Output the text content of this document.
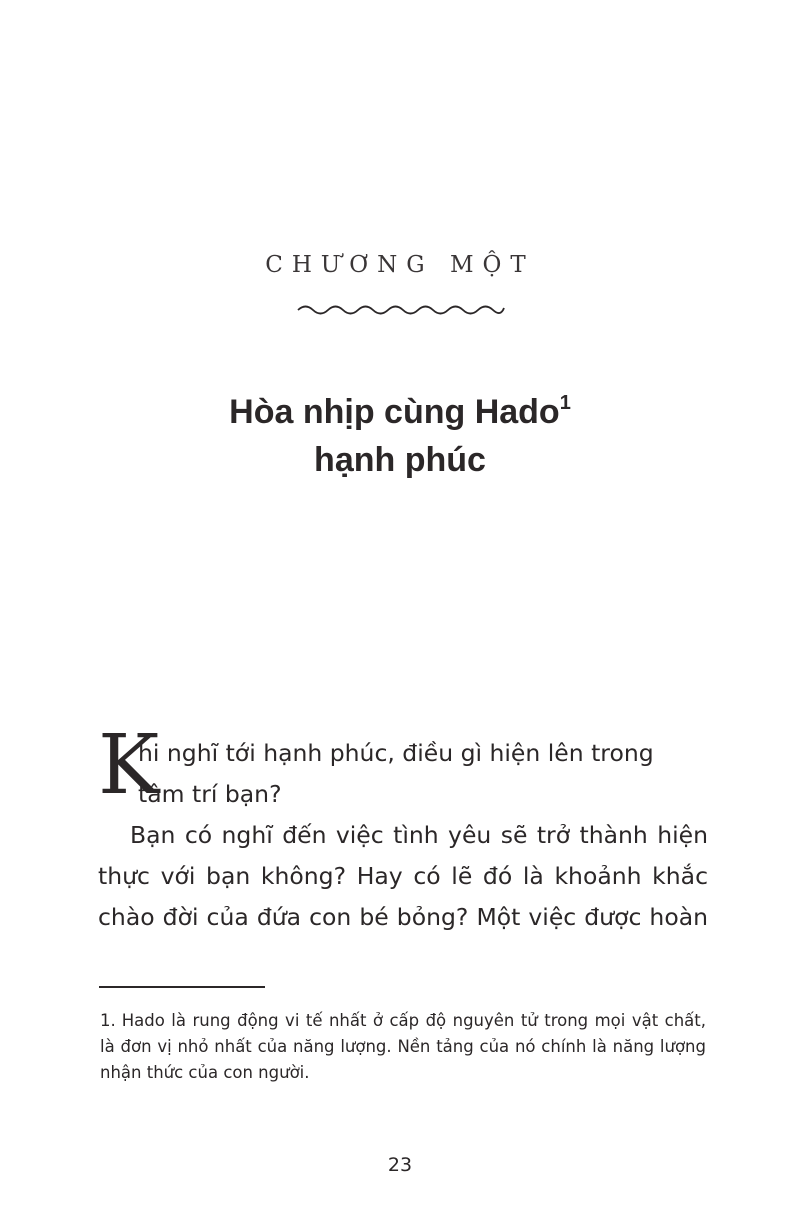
CHƯƠNG MỘT
Hòa nhịp cùng Hado$^1$
hạnh phúc

K
hi nghĩ tới hạnh phúc, điều gì hiện lên trong
tâm trí bạn?

Bạn có nghĩ đến việc tình yêu sẽ trở thành hiện thực với bạn không? Hay có lẽ đó là khoảnh khắc chào đời của đứa con bé bỏng? Một việc được hoàn

1. Hado là rung động vi tế nhất ở cấp độ nguyên tử trong mọi vật chất, là đơn vị nhỏ nhất của năng lượng. Nền tảng của nó chính là năng lượng nhận thức của con người.

23
